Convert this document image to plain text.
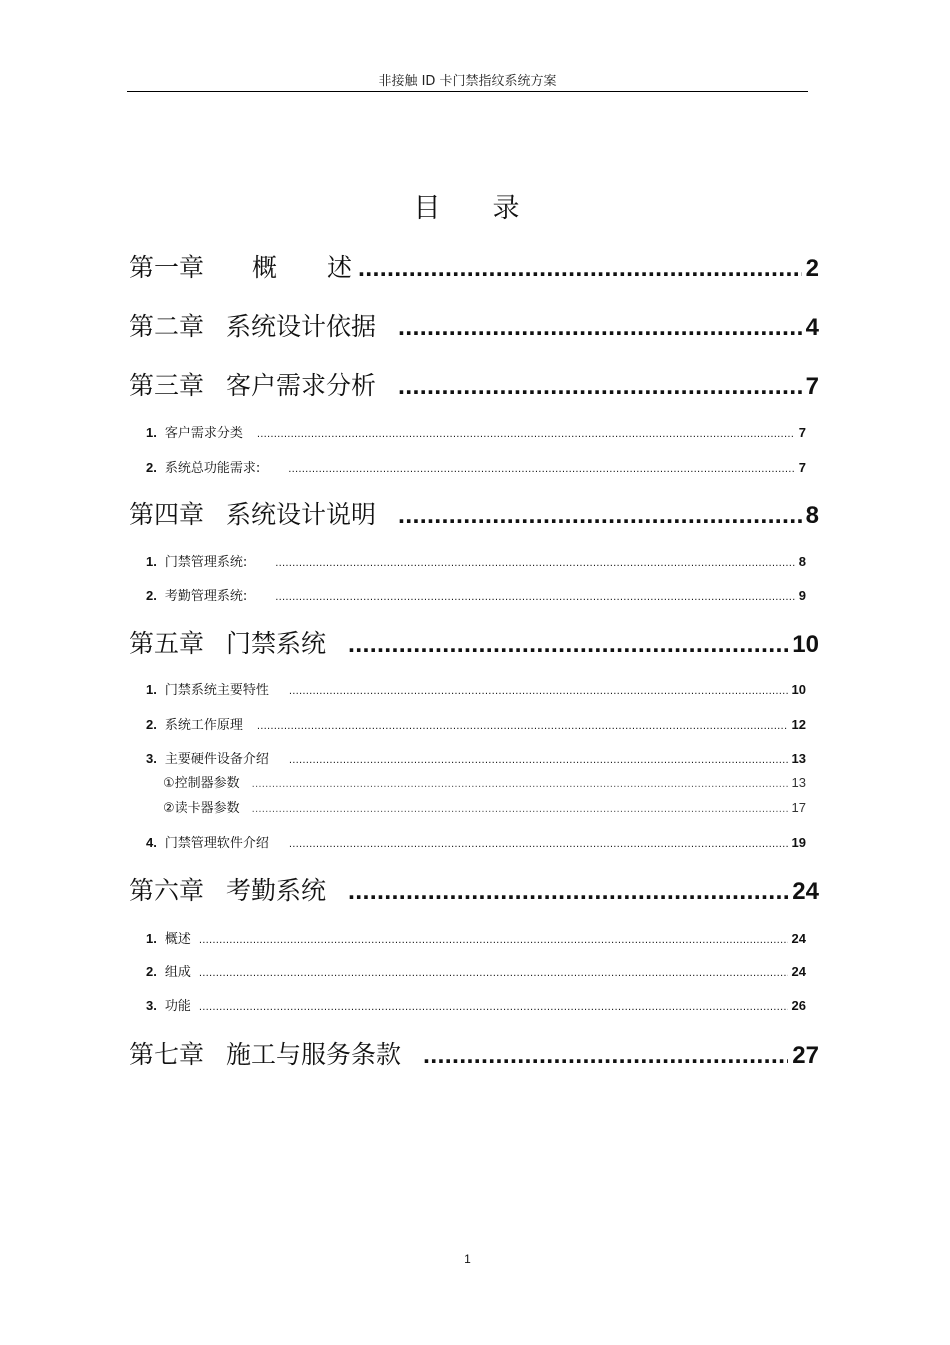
非接触 ID 卡门禁指纹系统方案
目 录
第一章 概　　述 .....	2
第二章 系统设计依据 .....	4
第三章 客户需求分析 .....	7
1. 客户需求分类 .....	7
2. 系统总功能需求: .....	7
第四章 系统设计说明 .....	8
1. 门禁管理系统: .....	8
2. 考勤管理系统: .....	9
第五章 门禁系统 .....	10
1. 门禁系统主要特性 .....	10
2. 系统工作原理 .....	12
3. 主要硬件设备介绍 .....	13
①控制器参数 .....	13
②读卡器参数 .....	17
4. 门禁管理软件介绍 .....	19
第六章 考勤系统 .....	24
1. 概述 .....	24
2. 组成 .....	24
3. 功能 .....	26
第七章 施工与服务条款 .....	27
1
